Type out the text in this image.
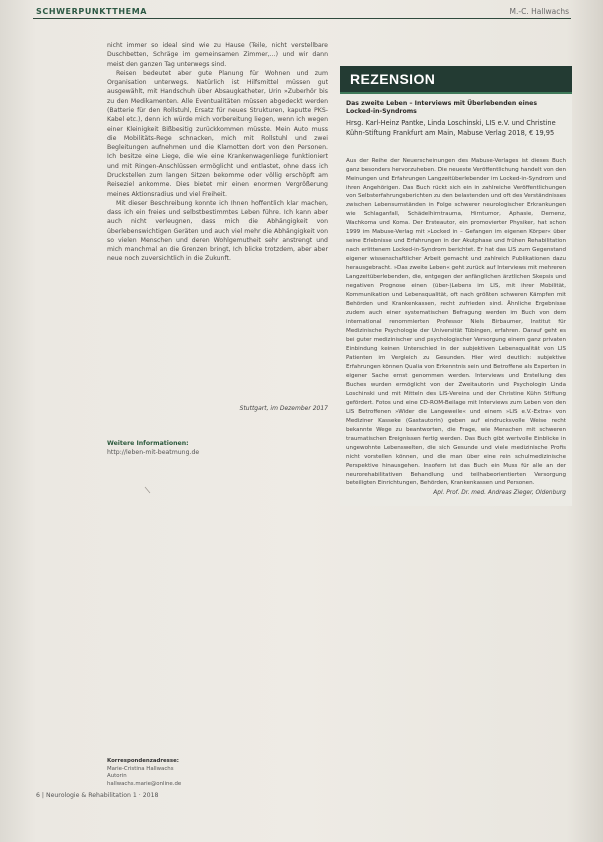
SCHWERPUNKTTHEMA	M.-C. Hallwachs

nicht immer so ideal sind wie zu Hause (Teile, nicht verstellbare Duschbetten, Schräge im gemeinsamen Zimmer,...) und wir dann meist den ganzen Tag unterwegs sind.

Reisen bedeutet aber gute Planung für Wohnen und zum Organisation unterwegs. Natürlich ist Hilfsmittel müssen gut ausgewählt, mit Handschuh über Absaugkatheter, Urin »Zuberhör bis zu den Medikamenten. Alle Eventualitäten müssen abgedeckt werden (Batterie für den Rollstuhl, Ersatz für neues Strukturen, kaputte PKS-Kabel etc.), denn ich würde mich vorbereitung liegen, wenn ich wegen einer Kleinigkeit Bißbesitig zurückkommen müsste. Mein Auto muss die Mobilitäts-Rege schnacken, mich mit Rollstuhl und zwei Begleitungen aufnehmen und die Klamotten dort von den Personen. Ich besitze eine Liege, die wie eine Krankenwagenliege funktioniert und mit Ringen-Anschlüssen ermöglicht und entlastet, ohne dass ich Druckstellen zum langen Sitzen bekomme oder völlig erschöpft am Reiseziel ankomme. Dies bietet mir einen enormen Vergrößerung meines Aktionsradius und viel Freiheit.

Mit dieser Beschreibung konnte ich Ihnen hoffentlich klar machen, dass ich ein freies und selbstbestimmtes Leben führe. Ich kann aber auch nicht verleugnen, dass mich die Abhängigkeit von überlebenswichtigen Geräten und auch viel mehr die Abhängigkeit von so vielen Menschen und deren Wohlgemutheit sehr anstrengt und mich manchmal an die Grenzen bringt, Ich blicke trotzdem, aber aber neue noch zuversichtlich in die Zukunft.

Stuttgart, im Dezember 2017
Weitere Informationen:
http://leben-mit-beatmung.de
Korrespondenzadresse:
Marie-Cristina Hallwachs
Autorin
hallwachs.marie@online.de
6 | Neurologie & Rehabilitation 1 · 2018
REZENSION
Das zweite Leben – Interviews mit Überlebenden eines Locked-in-Syndroms
Hrsg. Karl-Heinz Pantke, Linda Loschinski, LIS e.V. und Christine Kühn-Stiftung Frankfurt am Main, Mabuse Verlag 2018, € 19,95
Aus der Reihe der Neuerscheinungen des Mabuse-Verlages ist dieses Buch ganz besonders hervorzuheben. Die neueste Veröffentlichung handelt von den Meinungen und Erfahrungen Langzeitüberlebender im Locked-in-Syndrom und ihren Angehörigen. Das Buch rückt sich ein in zahlreiche Veröffentlichungen von Selbsterfahrungsberichten zu den belastenden und oft des Verständnisses zwischen Lebensumständen in Folge schwerer neurologischer Erkrankungen wie Schlaganfall, Schädelhirntrauma, Hirntumor, Aphasie, Demenz, Wachkoma und Koma. Der Ersteautor, ein promovierter Physiker, hat schon 1999 im Mabuse-Verlag mit »Locked in – Gefangen im eigenen Körper« über seine Erlebnisse und Erfahrungen in der Akutphase und frühen Rehabilitation nach erlittenem Locked-in-Syndrom berichtet. Er hat das LIS zum Gegenstand eigener wissenschaftlicher Arbeit gemacht und zahlreich Publikationen dazu herausgebracht. »Das zweite Leben« geht zurück auf Interviews mit mehreren Langzeitüberlebenden, die, entgegen der anfänglichen ärztlichen Skepsis und negativen Prognose einen (über-)Lebens im LIS, mit ihrer Mobilität, Kommunikation und Lebensqualität, oft nach größten schweren Kämpfen mit Behörden und Krankenkassen, recht zufrieden sind. Ähnliche Ergebnisse zudem auch einer systematischen Befragung werden im Buch von dem international renommierten Professor Niels Birbaumer, Institut für Medizinische Psychologie der Universität Tübingen, erfahren. Darauf geht es bei guter medizinischer und psychologischer Versorgung einem ganz privaten Einbindung keinen Unterschied in der subjektiven Lebensqualität von LIS Patienten im Vergleich zu Gesunden. Hier wird deutlich: subjektive Erfahrungen können Qualia von Erkenntnis sein und Betroffene als Experten in eigener Sache ernst genommen werden. Interviews und Erstellung des Buches wurden ermöglicht von der Zweitautorin und Psychologin Linda Loschinski und mit Mitteln des LIS-Vereins und der Christine Kühn Stiftung gefördert. Fotos und eine CD-ROM-Beilage mit Interviews zum Leben von den LIS Betroffenen »Wider die Langeweile« und einem »LIS e.V.-Extra« von Mediziner Kasseke (Gastautorin) geben auf eindrucksvolle Weise recht bekannte Wege zu beantworten, die Frage, wie Menschen mit schweren traumatischen Ereignissen fertig werden. Das Buch gibt wertvolle Einblicke in ungewohnte Lebenswelten, die sich Gesunde und viele medizinische Profis nicht vorstellen können, und die man über eine rein schulmedizinische Perspektive hinausgehen. Insofern ist das Buch ein Muss für alle an der neurorehabilitativen Behandlung und teilhabeorientierten Versorgung beteiligten Einrichtungen, Behörden, Krankenkassen und Personen.
Apl. Prof. Dr. med. Andreas Zieger, Oldenburg
